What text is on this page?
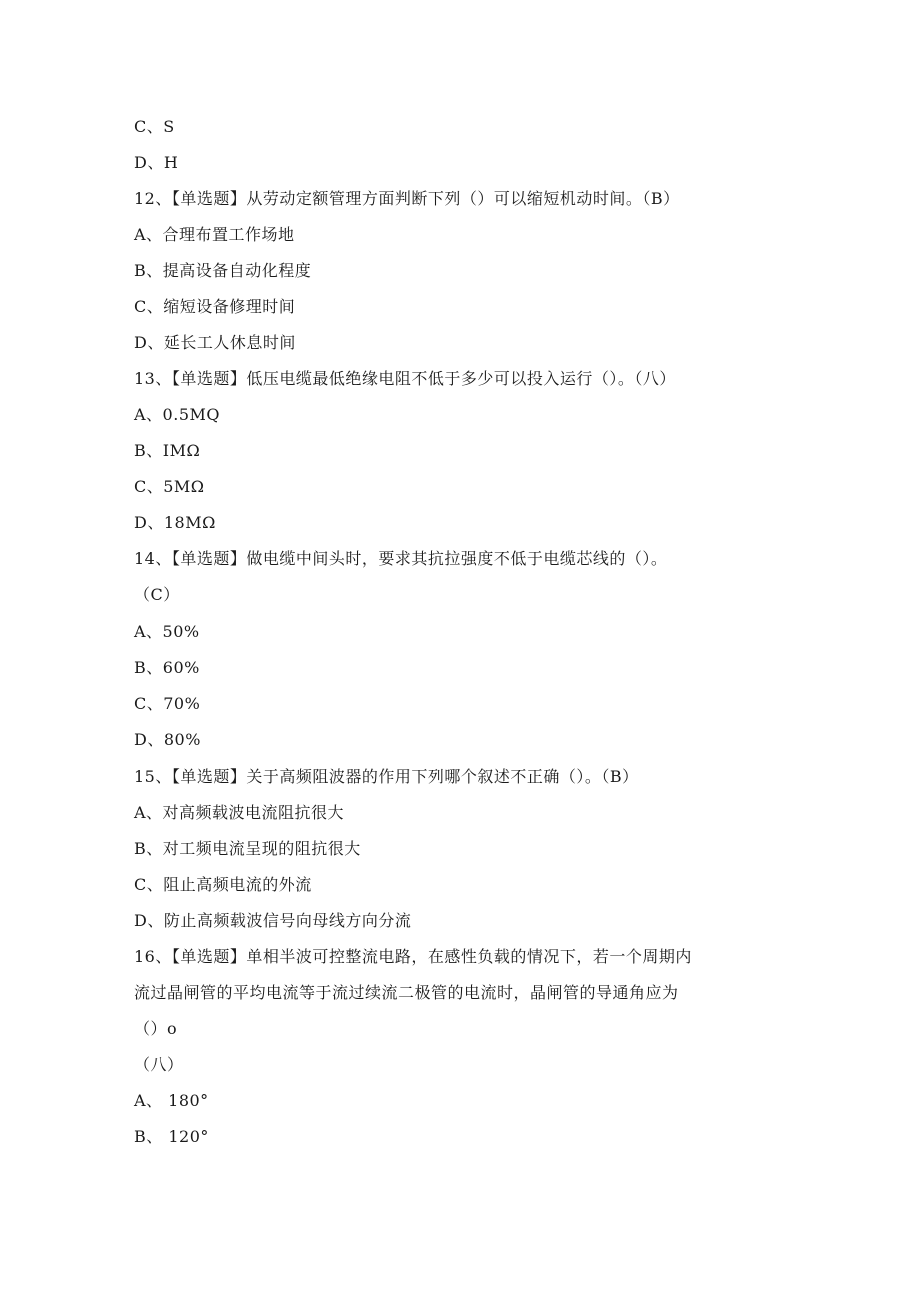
C、S
D、H
12、【单选题】从劳动定额管理方面判断下列（）可以缩短机动时间。（B）
A、合理布置工作场地
B、提高设备自动化程度
C、缩短设备修理时间
D、延长工人休息时间
13、【单选题】低压电缆最低绝缘电阻不低于多少可以投入运行（）。（八）
A、0.5MQ
B、IMΩ
C、5MΩ
D、18MΩ
14、【单选题】做电缆中间头时，要求其抗拉强度不低于电缆芯线的（）。
（C）
A、50%
B、60%
C、70%
D、80%
15、【单选题】关于高频阻波器的作用下列哪个叙述不正确（）。（B）
A、对高频载波电流阻抗很大
B、对工频电流呈现的阻抗很大
C、阻止高频电流的外流
D、防止高频载波信号向母线方向分流
16、【单选题】单相半波可控整流电路，在感性负载的情况下，若一个周期内
流过晶闸管的平均电流等于流过续流二极管的电流时，晶闸管的导通角应为
（）o
（八）
A、 180°
B、 120°
